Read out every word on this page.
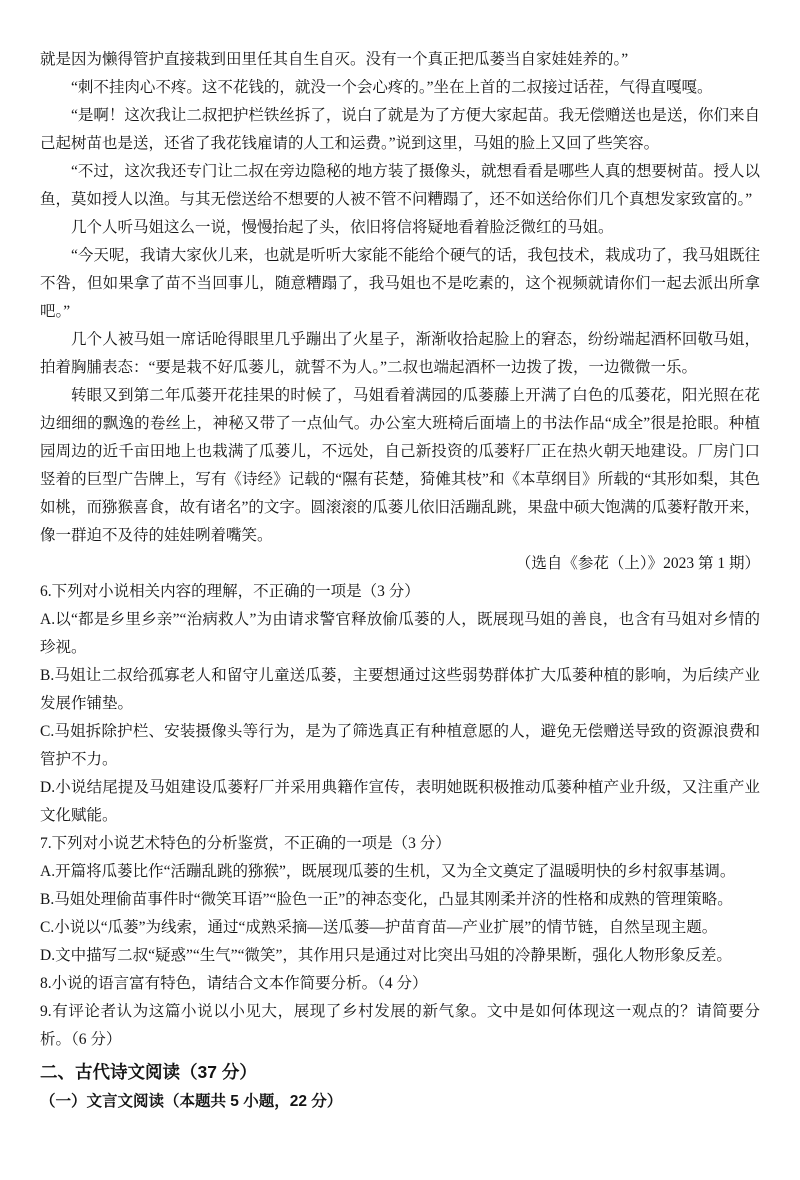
就是因为懒得管护直接栽到田里任其自生自灭。没有一个真正把瓜蒌当自家娃娃养的。”

“刺不挂肉心不疼。这不花钱的，就没一个会心疼的。”坐在上首的二叔接过话茬，气得直嘎嘎。

“是啊！这次我让二叔把护栏铁丝拆了，说白了就是为了方便大家起苗。我无偿赠送也是送，你们来自己起树苗也是送，还省了我花钱雇请的人工和运费。”说到这里，马姐的脸上又回了些笑容。

“不过，这次我还专门让二叔在旁边隐秘的地方装了摄像头，就想看看是哪些人真的想要树苗。授人以鱼，莫如授人以渔。与其无偿送给不想要的人被不管不问糟蹋了，还不如送给你们几个真想发家致富的。”

几个人听马姐这么一说，慢慢抬起了头，依旧将信将疑地看着脸泛微红的马姐。

“今天呢，我请大家伙儿来，也就是听听大家能不能给个硬气的话，我包技术，栽成功了，我马姐既往不咎，但如果拿了苗不当回事儿，随意糟蹋了，我马姐也不是吃素的，这个视频就请你们一起去派出所拿吧。”

几个人被马姐一席话呛得眼里几乎蹦出了火星子，渐渐收拾起脸上的窘态，纷纷端起酒杯回敬马姐，拍着胸脯表态：“要是栽不好瓜蒌儿，就誓不为人。”二叔也端起酒杯一边拨了拨，一边微微一乐。

转眼又到第二年瓜蒌开花挂果的时候了，马姐看着满园的瓜蒌藤上开满了白色的瓜蒌花，阳光照在花边细细的飘逸的卷丝上，神秘又带了一点仙气。办公室大班椅后面墙上的书法作品“成全”很是抢眼。种植园周边的近千亩田地上也栽满了瓜蒌儿，不远处，自己新投资的瓜蒌籽厂正在热火朝天地建设。厂房门口竖着的巨型广告牌上，写有《诗经》记载的“隰有苌楚，猗傩其枝”和《本草纲目》所载的“其形如梨，其色如桃，而猕猴喜食，故有诸名”的文字。圆滚滚的瓜蒌儿依旧活蹦乱跳，果盘中硕大饱满的瓜蒌籽散开来，像一群迫不及待的娃娃咧着嘴笑。

（选自《参花（上）》2023 第 1 期）

6.下列对小说相关内容的理解，不正确的一项是（3 分）

A.以“都是乡里乡亲”“治病救人”为由请求警官释放偷瓜蒌的人，既展现马姐的善良，也含有马姐对乡情的珍视。

B.马姐让二叔给孤寡老人和留守儿童送瓜蒌，主要想通过这些弱势群体扩大瓜蒌种植的影响，为后续产业发展作铺垫。

C.马姐拆除护栏、安装摄像头等行为，是为了筛选真正有种植意愿的人，避免无偿赠送导致的资源浪费和管护不力。

D.小说结尾提及马姐建设瓜蒌籽厂并采用典籍作宣传，表明她既积极推动瓜蒌种植产业升级，又注重产业文化赋能。

7.下列对小说艺术特色的分析鉴赏，不正确的一项是（3 分）

A.开篇将瓜蒌比作“活蹦乱跳的猕猴”，既展现瓜蒌的生机，又为全文奠定了温暖明快的乡村叙事基调。

B.马姐处理偷苗事件时“微笑耳语”“脸色一正”的神态变化，凸显其刚柔并济的性格和成熟的管理策略。

C.小说以“瓜蒌”为线索，通过“成熟采摘—送瓜蒌—护苗育苗—产业扩展”的情节链，自然呈现主题。

D.文中描写二叔“疑惑”“生气”“微笑”，其作用只是通过对比突出马姐的冷静果断，强化人物形象反差。

8.小说的语言富有特色，请结合文本作简要分析。（4 分）

9.有评论者认为这篇小说以小见大，展现了乡村发展的新气象。文中是如何体现这一观点的？请简要分析。（6 分）

二、古代诗文阅读（37 分）

（一）文言文阅读（本题共 5 小题，22 分）
